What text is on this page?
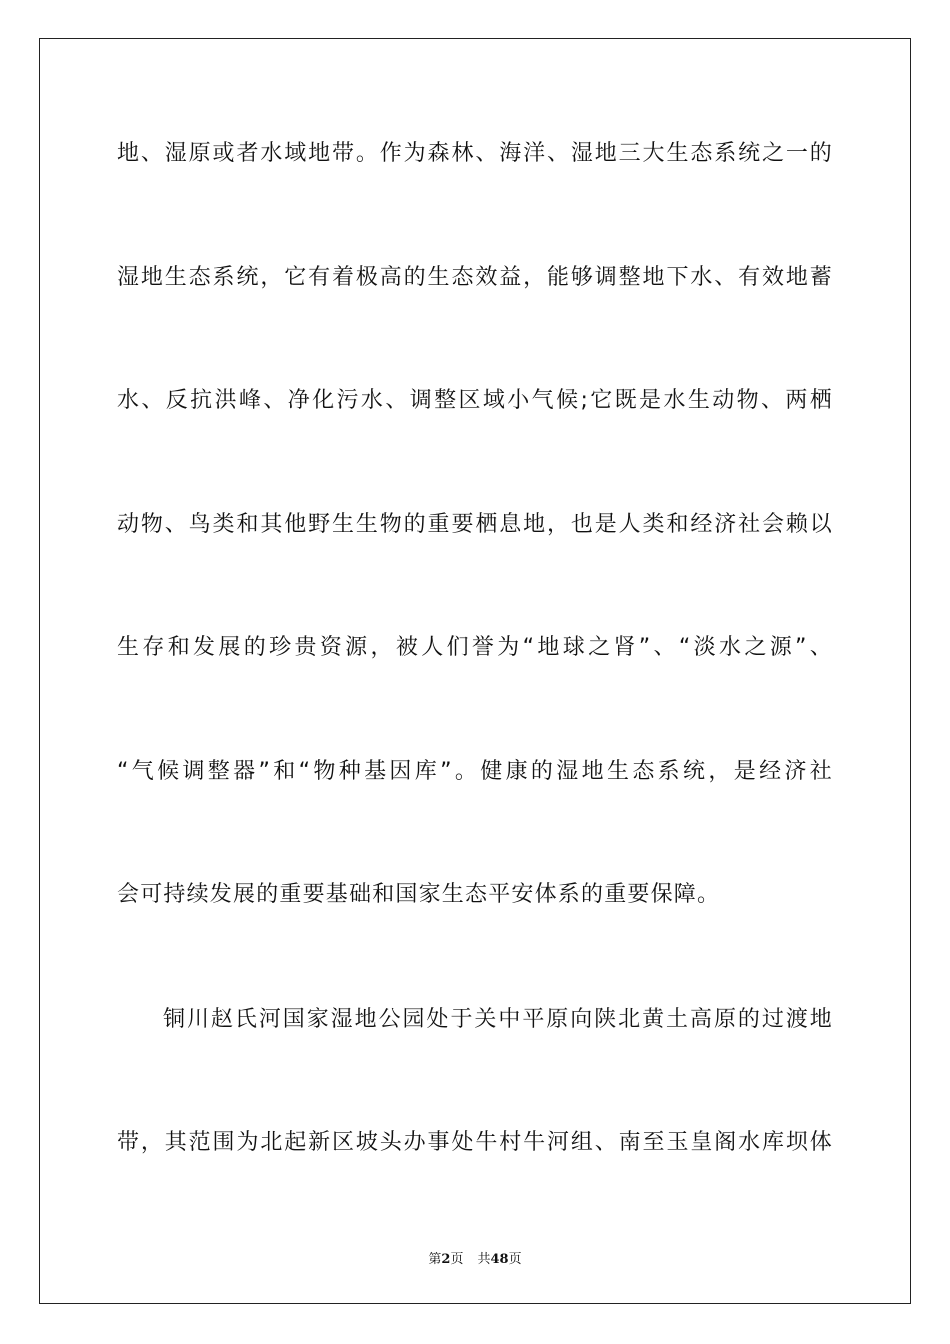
地、湿原或者水域地带。作为森林、海洋、湿地三大生态系统之一的
湿地生态系统，它有着极高的生态效益，能够调整地下水、有效地蓄
水、反抗洪峰、净化污水、调整区域小气候;它既是水生动物、两栖
动物、鸟类和其他野生生物的重要栖息地，也是人类和经济社会赖以
生存和发展的珍贵资源，被人们誉为“地球之肾”、“淡水之源”、
“气候调整器”和“物种基因库”。健康的湿地生态系统，是经济社
会可持续发展的重要基础和国家生态平安体系的重要保障。
铜川赵氏河国家湿地公园处于关中平原向陕北黄土高原的过渡地
带，其范围为北起新区坡头办事处牛村牛河组、南至玉皇阁水库坝体
第2页 共48页
